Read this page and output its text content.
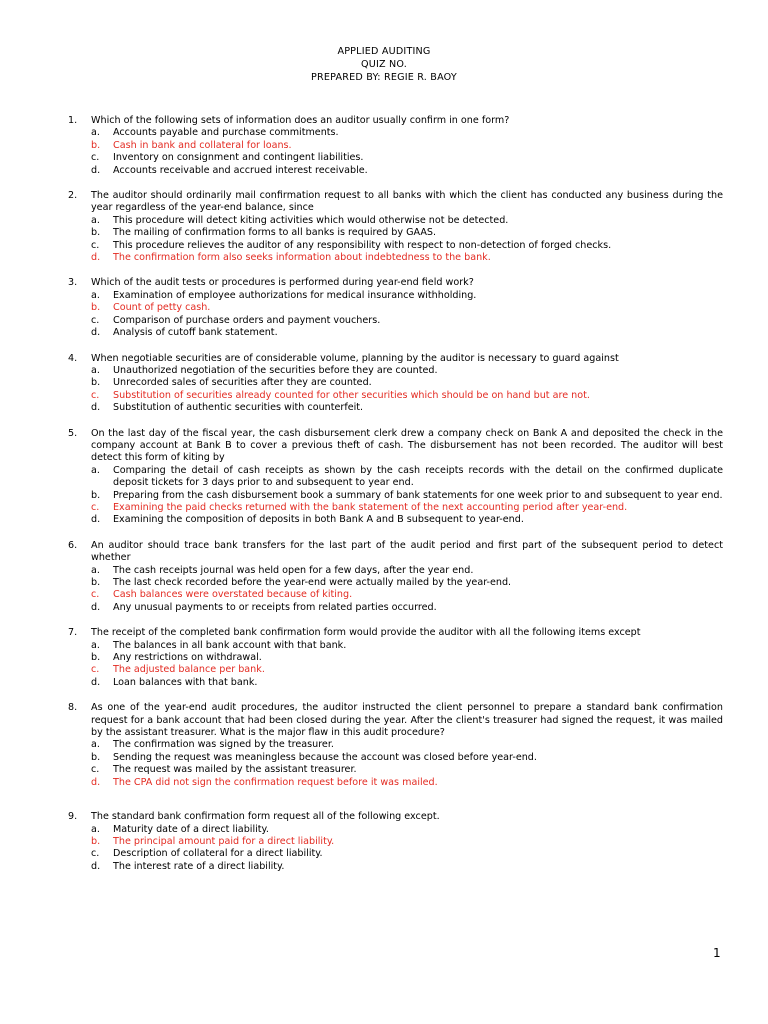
APPLIED AUDITING
QUIZ NO.
PREPARED BY: REGIE R. BAOY
1.	Which of the following sets of information does an auditor usually confirm in one form?
a.	Accounts payable and purchase commitments.
b.	Cash in bank and collateral for loans.
c.	Inventory on consignment and contingent liabilities.
d.	Accounts receivable and accrued interest receivable.
2.	The auditor should ordinarily mail confirmation request to all banks with which the client has conducted any business during the year regardless of the year-end balance, since
a.	This procedure will detect kiting activities which would otherwise not be detected.
b.	The mailing of confirmation forms to all banks is required by GAAS.
c.	This procedure relieves the auditor of any responsibility with respect to non-detection of forged checks.
d.	The confirmation form also seeks information about indebtedness to the bank.
3.	Which of the audit tests or procedures is performed during year-end field work?
a.	Examination of employee authorizations for medical insurance withholding.
b.	Count of petty cash.
c.	Comparison of purchase orders and payment vouchers.
d.	Analysis of cutoff bank statement.
4.	When negotiable securities are of considerable volume, planning by the auditor is necessary to guard against
a.	Unauthorized negotiation of the securities before they are counted.
b.	Unrecorded sales of securities after they are counted.
c.	Substitution of securities already counted for other securities which should be on hand but are not.
d.	Substitution of authentic securities with counterfeit.
5.	On the last day of the fiscal year, the cash disbursement clerk drew a company check on Bank A and deposited the check in the company account at Bank B to cover a previous theft of cash. The disbursement has not been recorded. The auditor will best detect this form of kiting by
a.	Comparing the detail of cash receipts as shown by the cash receipts records with the detail on the confirmed duplicate deposit tickets for 3 days prior to and subsequent to year end.
b.	Preparing from the cash disbursement book a summary of bank statements for one week prior to and subsequent to year end.
c.	Examining the paid checks returned with the bank statement of the next accounting period after year-end.
d.	Examining the composition of deposits in both Bank A and B subsequent to year-end.
6.	An auditor should trace bank transfers for the last part of the audit period and first part of the subsequent period to detect whether
a.	The cash receipts journal was held open for a few days, after the year end.
b.	The last check recorded before the year-end were actually mailed by the year-end.
c.	Cash balances were overstated because of kiting.
d.	Any unusual payments to or receipts from related parties occurred.
7.	The receipt of the completed bank confirmation form would provide the auditor with all the following items except
a.	The balances in all bank account with that bank.
b.	Any restrictions on withdrawal.
c.	The adjusted balance per bank.
d.	Loan balances with that bank.
8.	As one of the year-end audit procedures, the auditor instructed the client personnel to prepare a standard bank confirmation request for a bank account that had been closed during the year. After the client's treasurer had signed the request, it was mailed by the assistant treasurer. What is the major flaw in this audit procedure?
a.	The confirmation was signed by the treasurer.
b.	Sending the request was meaningless because the account was closed before year-end.
c.	The request was mailed by the assistant treasurer.
d.	The CPA did not sign the confirmation request before it was mailed.
9.	The standard bank confirmation form request all of the following except.
a.	Maturity date of a direct liability.
b.	The principal amount paid for a direct liability.
c.	Description of collateral for a direct liability.
d.	The interest rate of a direct liability.
1
